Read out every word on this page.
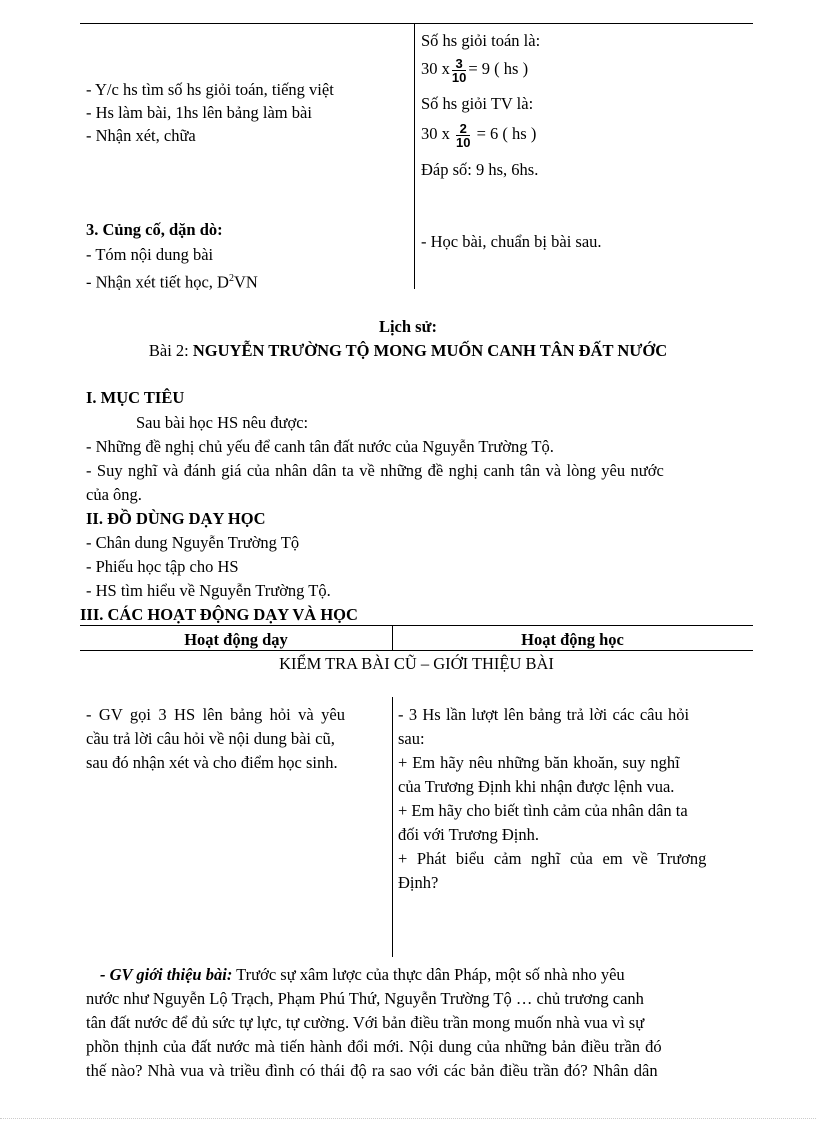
- Y/c hs tìm số hs giỏi toán, tiếng việt
- Hs làm bài, 1hs lên bảng làm bài
- Nhận xét, chữa
Số hs giỏi toán là:
30 x $\frac{3}{10} = 9$ ( hs )
Số hs giỏi TV là:
30 x $\frac{2}{10} = 6$ ( hs )
Đáp số: 9 hs, 6hs.
3. Củng cố, dặn dò:
- Tóm nội dung bài
- Nhận xét tiết học, $D^2VN$
- Học bài, chuẩn bị bài sau.
Lịch sử:
Bài 2: NGUYỄN TRƯỜNG TỘ MONG MUỐN CANH TÂN ĐẤT NƯỚC
I. MỤC TIÊU
Sau bài học HS nêu được:
- Những đề nghị chủ yếu để canh tân đất nước của Nguyễn Trường Tộ.
- Suy nghĩ và đánh giá của nhân dân ta về những đề nghị canh tân và lòng yêu nước
của ông.
II. ĐỒ DÙNG DẠY HỌC
- Chân dung Nguyễn Trường Tộ
- Phiếu học tập cho HS
- HS tìm hiểu về Nguyễn Trường Tộ.
III. CÁC HOẠT ĐỘNG DẠY VÀ HỌC
Hoạt động dạy	Hoạt động học
KIỂM TRA BÀI CŨ – GIỚI THIỆU BÀI
- GV gọi 3 HS lên bảng hỏi và yêu
cầu trả lời câu hỏi về nội dung bài cũ,
sau đó nhận xét và cho điểm học sinh.
- 3 Hs lần lượt lên bảng trả lời các câu hỏi
sau:
+ Em hãy nêu những băn khoăn, suy nghĩ
của Trương Định khi nhận được lệnh vua.
+ Em hãy cho biết tình cảm của nhân dân ta
đối với Trương Định.
+ Phát biểu cảm nghĩ của em về Trương
Định?
- GV giới thiệu bài: Trước sự xâm lược của thực dân Pháp, một số nhà nho yêu
nước như Nguyễn Lộ Trạch, Phạm Phú Thứ, Nguyễn Trường Tộ … chủ trương canh
tân đất nước để đủ sức tự lực, tự cường. Với bản điều trần mong muốn nhà vua vì sự
phồn thịnh của đất nước mà tiến hành đổi mới. Nội dung của những bản điều trần đó
thế nào? Nhà vua và triều đình có thái độ ra sao với các bản điều trần đó? Nhân dân
